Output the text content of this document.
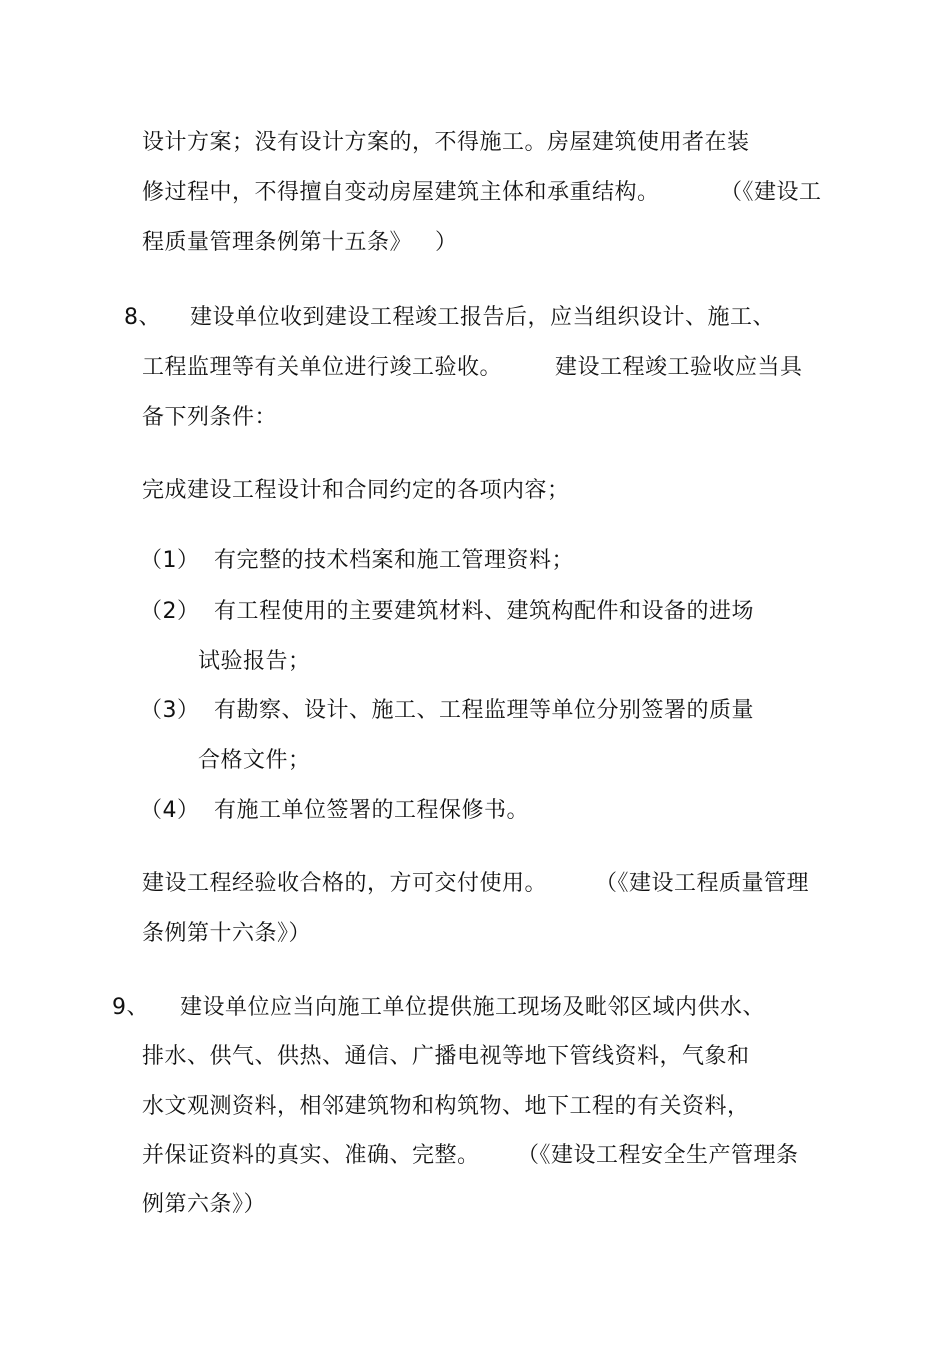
设计方案；没有设计方案的，不得施工。房屋建筑使用者在装
修过程中，不得擅自变动房屋建筑主体和承重结构。	（《建设工
程质量管理条例第十五条》 ）
8、 建设单位收到建设工程竣工报告后，应当组织设计、施工、
工程监理等有关单位进行竣工验收。 建设工程竣工验收应当具
备下列条件：
完成建设工程设计和合同约定的各项内容；
（1） 有完整的技术档案和施工管理资料；
（2） 有工程使用的主要建筑材料、建筑构配件和设备的进场
试验报告；
（3） 有勘察、设计、施工、工程监理等单位分别签署的质量
合格文件；
（4） 有施工单位签署的工程保修书。
建设工程经验收合格的，方可交付使用。 （《建设工程质量管理
条例第十六条》）
9、 建设单位应当向施工单位提供施工现场及毗邻区域内供水、
排水、供气、供热、通信、广播电视等地下管线资料，气象和
水文观测资料，相邻建筑物和构筑物、地下工程的有关资料，
并保证资料的真实、准确、完整。 （《建设工程安全生产管理条
例第六条》）
